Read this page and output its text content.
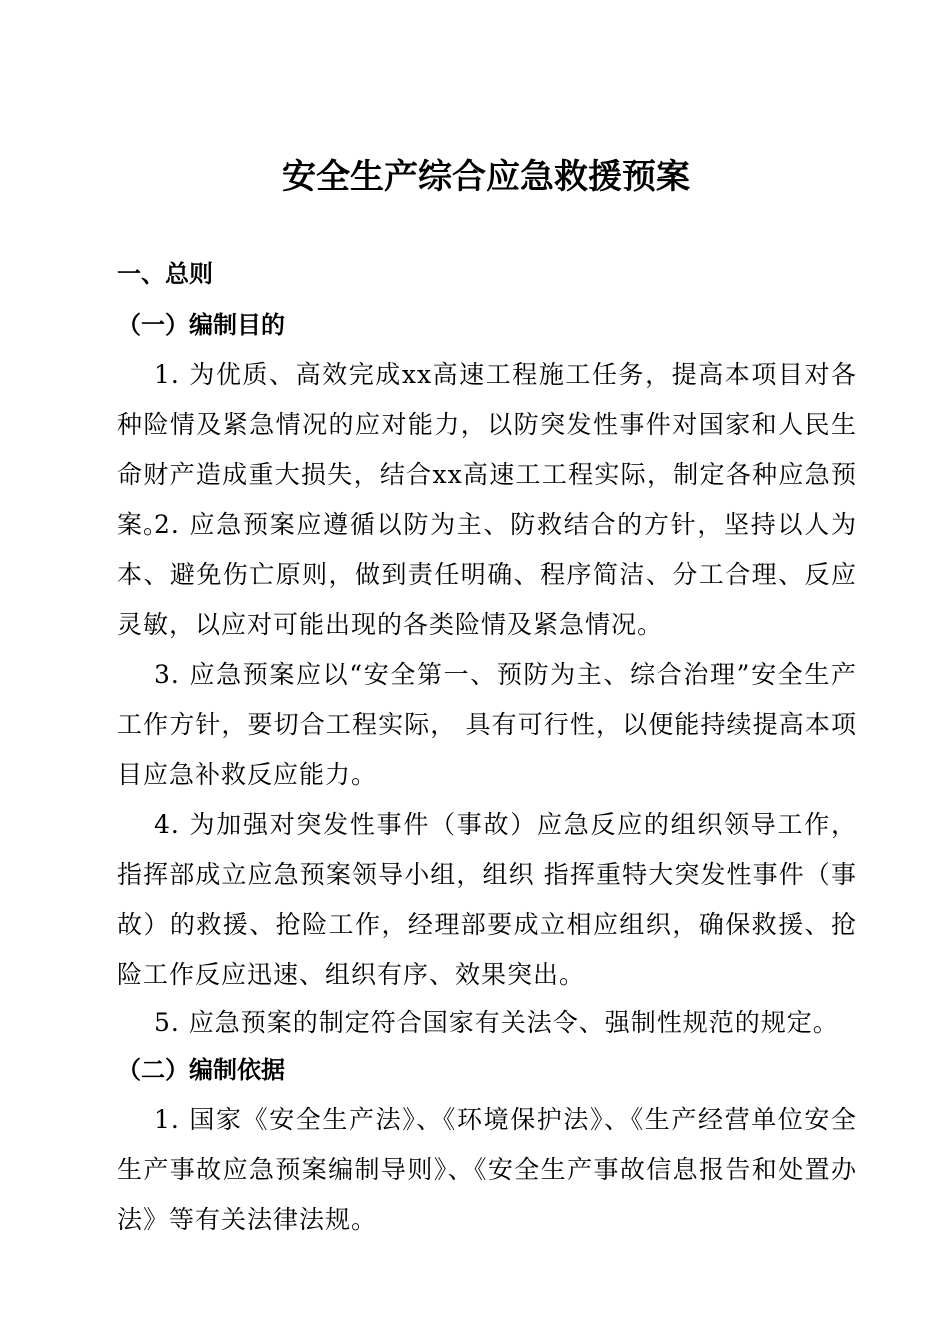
安全生产综合应急救援预案
一、总则
（一）编制目的
1. 为优质、高效完成xx高速工程施工任务，提高本项目对各种险情及紧急情况的应对能力，以防突发性事件对国家和人民生命财产造成重大损失，结合xx高速工工程实际，制定各种应急预案。
2. 应急预案应遵循以防为主、防救结合的方针，坚持以人为本、避免伤亡原则，做到责任明确、程序简洁、分工合理、反应灵敏，以应对可能出现的各类险情及紧急情况。
3. 应急预案应以“安全第一、预防为主、综合治理”安全生产工作方针，要切合工程实际， 具有可行性，以便能持续提高本项目应急补救反应能力。
4. 为加强对突发性事件（事故）应急反应的组织领导工作，指挥部成立应急预案领导小组，组织 指挥重特大突发性事件（事故）的救援、抢险工作，经理部要成立相应组织，确保救援、抢险工作反应迅速、组织有序、效果突出。
5. 应急预案的制定符合国家有关法令、强制性规范的规定。
（二）编制依据
1. 国家《安全生产法》、《环境保护法》、《生产经营单位安全生产事故应急预案编制导则》、《安全生产事故信息报告和处置办法》等有关法律法规。
